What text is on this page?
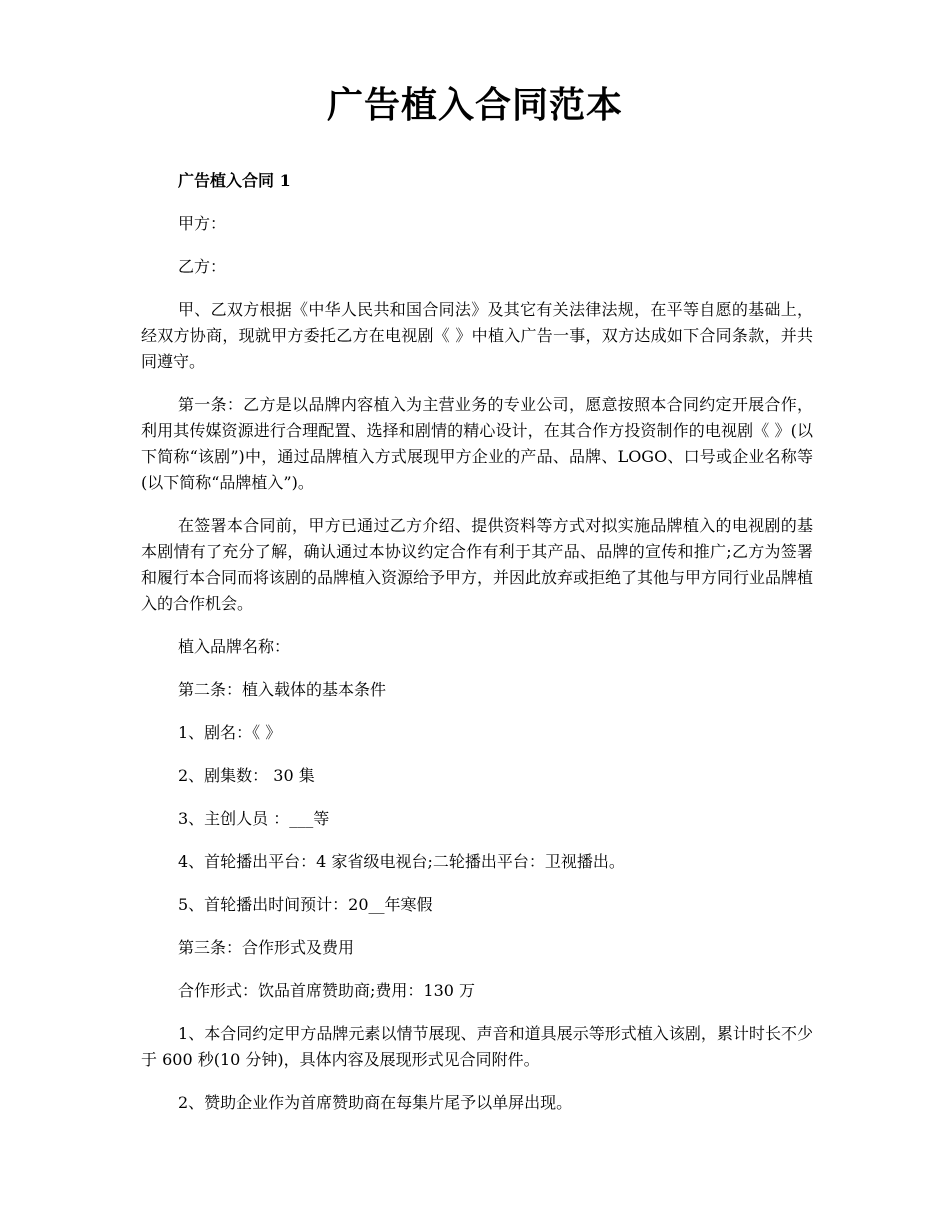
广告植入合同范本

广告植入合同 1

甲方：

乙方：

甲、乙双方根据《中华人民共和国合同法》及其它有关法律法规，在平等自愿的基础上，经双方协商，现就甲方委托乙方在电视剧《 》中植入广告一事，双方达成如下合同条款，并共同遵守。

第一条：乙方是以品牌内容植入为主营业务的专业公司，愿意按照本合同约定开展合作，利用其传媒资源进行合理配置、选择和剧情的精心设计，在其合作方投资制作的电视剧《 》(以下简称“该剧”)中，通过品牌植入方式展现甲方企业的产品、品牌、LOGO、口号或企业名称等(以下简称“品牌植入”)。

在签署本合同前，甲方已通过乙方介绍、提供资料等方式对拟实施品牌植入的电视剧的基本剧情有了充分了解，确认通过本协议约定合作有利于其产品、品牌的宣传和推广;乙方为签署和履行本合同而将该剧的品牌植入资源给予甲方，并因此放弃或拒绝了其他与甲方同行业品牌植入的合作机会。

植入品牌名称：

第二条：植入载体的基本条件

1、剧名：《 》

2、剧集数： 30 集

3、主创人员 ：___等

4、首轮播出平台：4 家省级电视台;二轮播出平台：卫视播出。

5、首轮播出时间预计：20__年寒假

第三条：合作形式及费用

合作形式：饮品首席赞助商;费用：130 万

1、本合同约定甲方品牌元素以情节展现、声音和道具展示等形式植入该剧，累计时长不少于 600 秒(10 分钟)，具体内容及展现形式见合同附件。

2、赞助企业作为首席赞助商在每集片尾予以单屏出现。
